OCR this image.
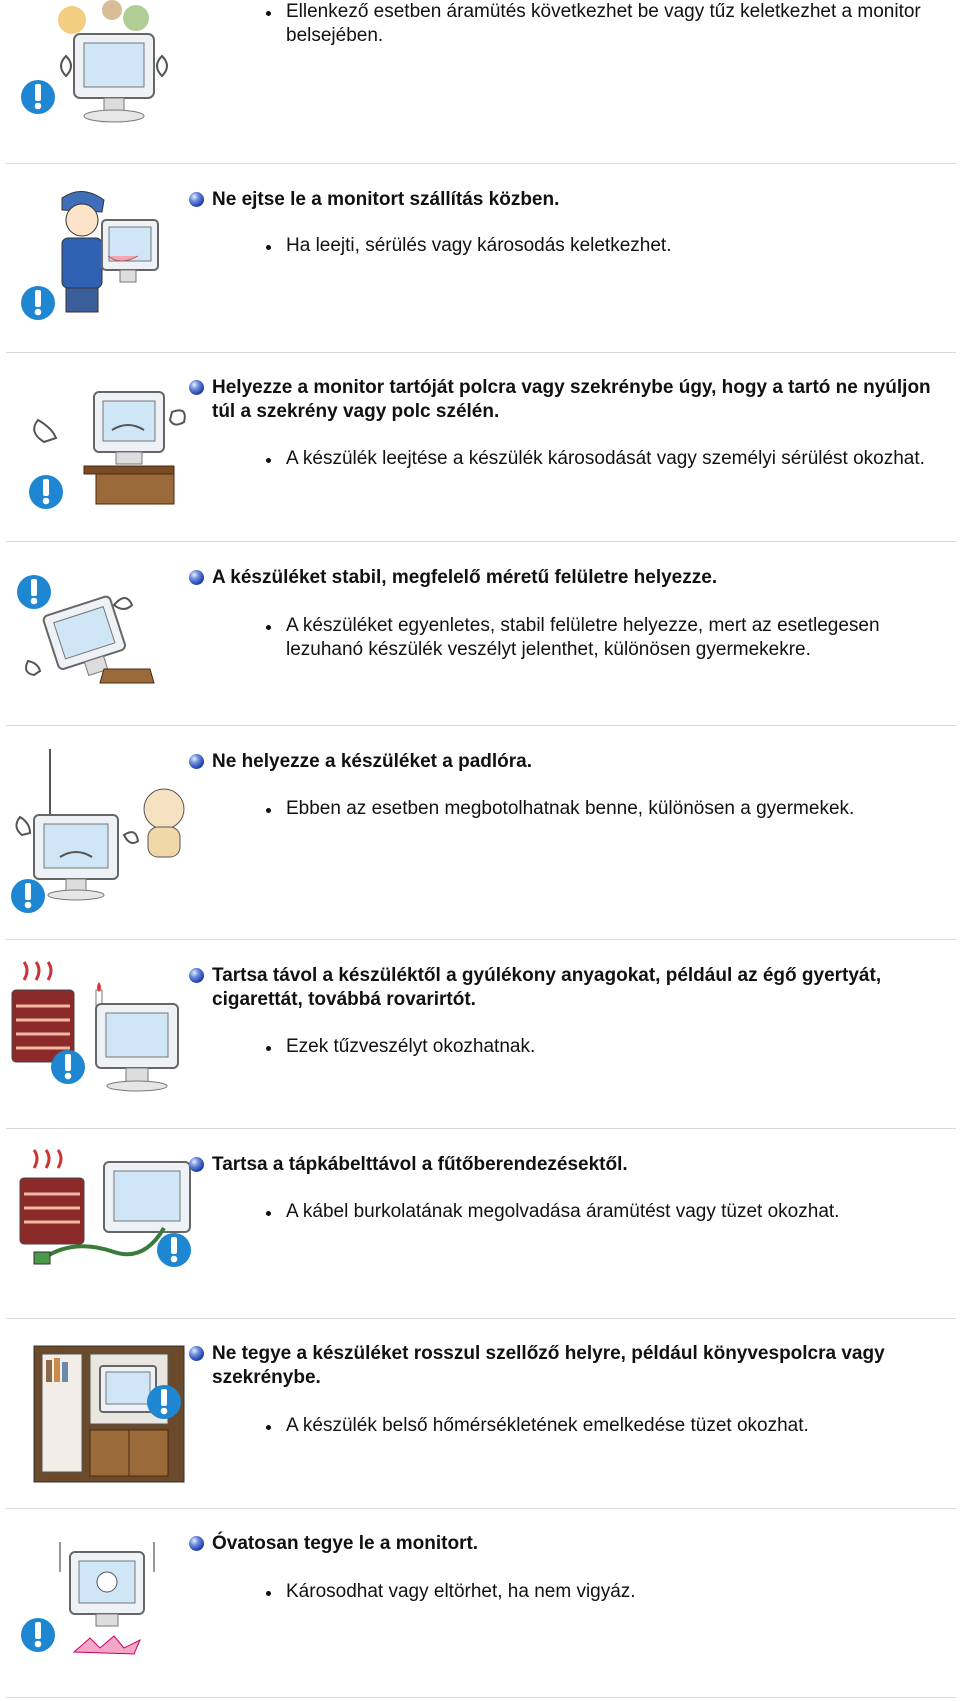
Ellenkező esetben áramütés következhet be vagy tűz keletkezhet a monitor belsejében.
Ne ejtse le a monitort szállítás közben.
Ha leejti, sérülés vagy károsodás keletkezhet.
Helyezze a monitor tartóját polcra vagy szekrénybe úgy, hogy a tartó ne nyúljon túl a szekrény vagy polc szélén.
A készülék leejtése a készülék károsodását vagy személyi sérülést okozhat.
A készüléket stabil, megfelelő méretű felületre helyezze.
A készüléket egyenletes, stabil felületre helyezze, mert az esetlegesen lezuhanó készülék veszélyt jelenthet, különösen gyermekekre.
Ne helyezze a készüléket a padlóra.
Ebben az esetben megbotolhatnak benne, különösen a gyermekek.
Tartsa távol a készüléktől a gyúlékony anyagokat, például az égő gyertyát, cigarettát, továbbá rovarirtót.
Ezek tűzveszélyt okozhatnak.
Tartsa a tápkábelttávol a fűtőberendezésektől.
A kábel burkolatának megolvadása áramütést vagy tüzet okozhat.
Ne tegye a készüléket rosszul szellőző helyre, például könyvespolcra vagy szekrénybe.
A készülék belső hőmérsékletének emelkedése tüzet okozhat.
Óvatosan tegye le a monitort.
Károsodhat vagy eltörhet, ha nem vigyáz.
